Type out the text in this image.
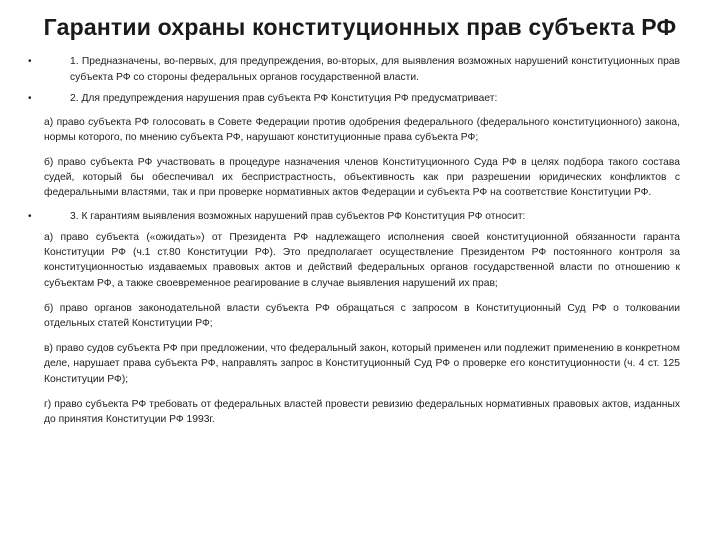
Гарантии охраны конституционных прав субъекта РФ
•	1. Предназначены, во-первых, для предупреждения, во-вторых, для выявления возможных нарушений конституционных прав субъекта РФ со стороны федеральных органов государственной власти.
•	2. Для предупреждения нарушения прав субъекта РФ Конституция РФ предусматривает:
а) право субъекта РФ голосовать в Совете Федерации против одобрения федерального (федерального конституционного) закона, нормы которого, по мнению субъекта РФ, нарушают конституционные права субъекта РФ;
б) право субъекта РФ участвовать в процедуре назначения членов Конституционного Суда РФ в целях подбора такого состава судей, который бы обеспечивал их беспристрастность, объективность как при разрешении юридических конфликтов с федеральными властями, так и при проверке нормативных актов Федерации и субъекта РФ на соответствие Конституции РФ.
•	3. К гарантиям выявления возможных нарушений прав субъектов РФ Конституция РФ относит:
а) право субъекта («ожидать») от Президента РФ надлежащего исполнения своей конституционной обязанности гаранта Конституции РФ (ч.1 ст.80 Конституции РФ). Это предполагает осуществление Президентом РФ постоянного контроля за конституционностью издаваемых правовых актов и действий федеральных органов государственной власти по отношению к субъектам РФ, а также своевременное реагирование в случае выявления нарушений их прав;
б) право органов законодательной власти субъекта РФ обращаться с запросом в Конституционный Суд РФ о толковании отдельных статей Конституции РФ;
в) право судов субъекта РФ при предложении, что федеральный закон, который применен или подлежит применению в конкретном деле, нарушает права субъекта РФ, направлять запрос в Конституционный Суд РФ о проверке его конституционности (ч. 4 ст. 125 Конституции РФ);
г) право субъекта РФ требовать от федеральных властей провести ревизию федеральных нормативных правовых актов, изданных до принятия Конституции РФ 1993г.
